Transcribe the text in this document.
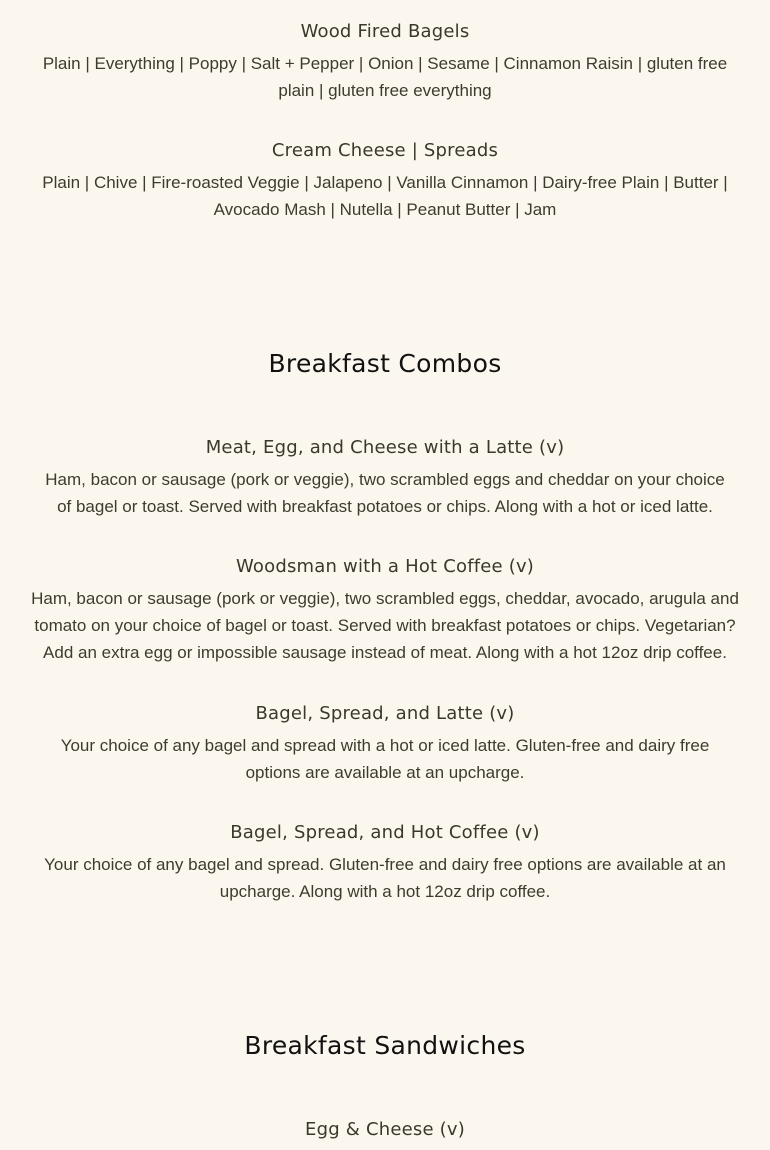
Wood Fired Bagels

Plain | Everything | Poppy | Salt + Pepper | Onion | Sesame | Cinnamon Raisin | gluten free plain | gluten free everything

Cream Cheese | Spreads

Plain | Chive | Fire-roasted Veggie | Jalapeno | Vanilla Cinnamon | Dairy-free Plain | Butter | Avocado Mash | Nutella | Peanut Butter | Jam

Breakfast Combos
Meat, Egg, and Cheese with a Latte (v)

Ham, bacon or sausage (pork or veggie), two scrambled eggs and cheddar on your choice of bagel or toast. Served with breakfast potatoes or chips. Along with a hot or iced latte.

Woodsman with a Hot Coffee (v)

Ham, bacon or sausage (pork or veggie), two scrambled eggs, cheddar, avocado, arugula and tomato on your choice of bagel or toast. Served with breakfast potatoes or chips. Vegetarian? Add an extra egg or impossible sausage instead of meat. Along with a hot 12oz drip coffee.

Bagel, Spread, and Latte (v)

Your choice of any bagel and spread with a hot or iced latte. Gluten-free and dairy free options are available at an upcharge.

Bagel, Spread, and Hot Coffee (v)

Your choice of any bagel and spread. Gluten-free and dairy free options are available at an upcharge. Along with a hot 12oz drip coffee.

Breakfast Sandwiches
Egg & Cheese (v)
